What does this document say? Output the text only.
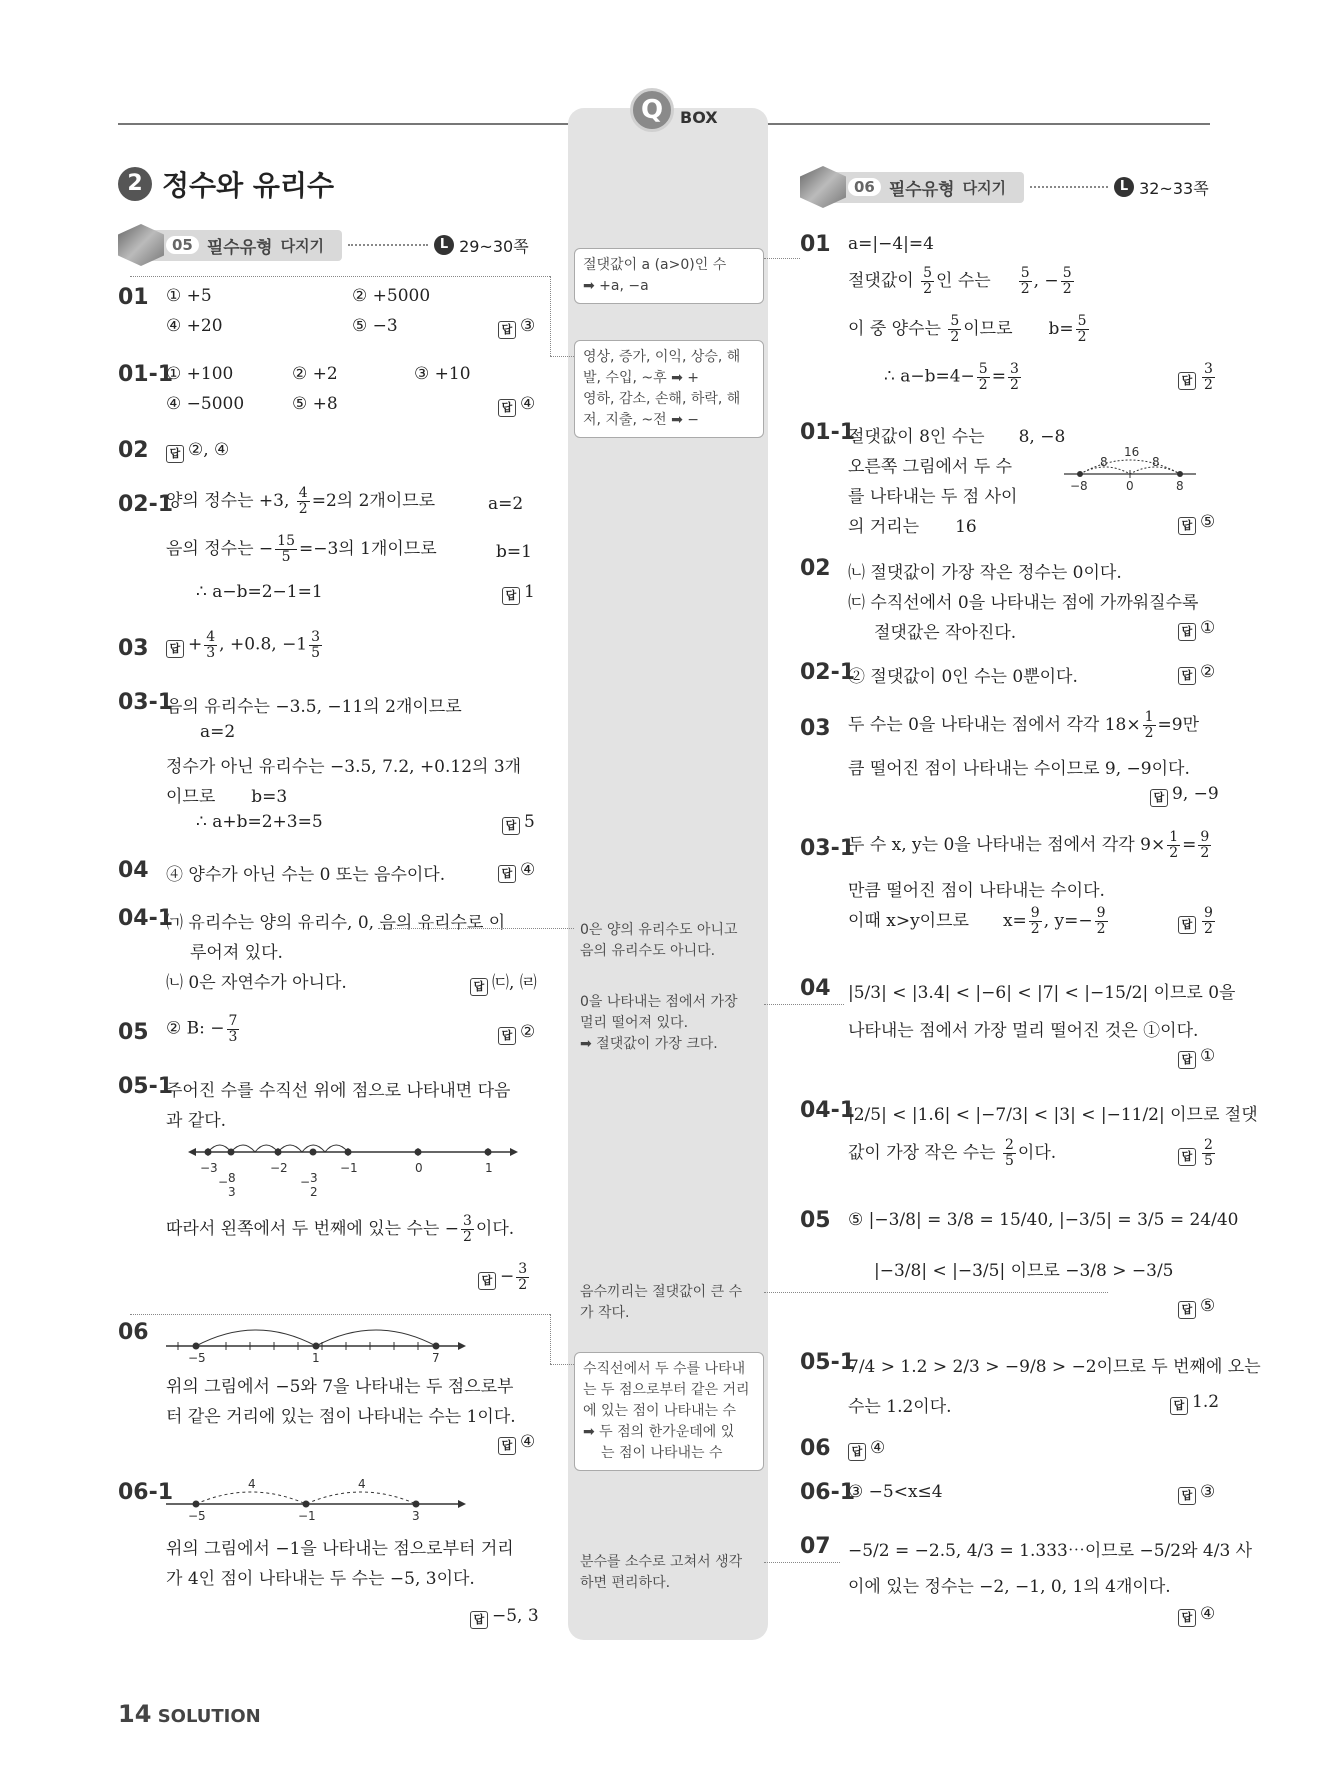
Q	BOX
2 정수와 유리수
05 필수유형 다지기	L 29~30쪽
06 필수유형 다지기	L 32~33쪽
01 ① +5	② +5000
④ +20	⑤ −3	답 ③
01-1
① +100	② +2	③ +10
④ −5000	⑤ +8	답 ④
02	답 ②, ④
02-1
양의 정수는 +3, $\frac{4}{2} =2$의 2개이므로	a=2
음의 정수는 − $\frac{15}{5} =-3$의 1개이므로	b=1
∴ a−b=2−1=1	답 1
03	답 + $\frac{4}{3}$ , +0.8, $-1 \frac{3}{5}$
03-1
음의 유리수는 −3.5, −11의 2개이므로
a=2
정수가 아닌 유리수는 −3.5, 7.2, +0.12의 3개
이므로 b=3
∴ a+b=2+3=5	답 5
04 ④ 양수가 아닌 수는 0 또는 음수이다.	답 ④
04-1
㈀ 유리수는 양의 유리수, 0, 음의 유리수로 이
루어져 있다.
㈁ 0은 자연수가 아니다.	답 ㈂, ㈃
05 ② B: − $\frac{7}{3}$	답 ②
05-1
주어진 수를 수직선 위에 점으로 나타내면 다음
과 같다.
−3	−2	−1	0	1
− 8
3
− 3
2
따라서 왼쪽에서 두 번째에 있는 수는 − $\frac{3}{2}$ 이다.
답 − $\frac{3}{2}$
06
−5	1	7
위의 그림에서 −5와 7을 나타내는 두 점으로부
터 같은 거리에 있는 점이 나타내는 수는 1이다.
답 ④
06-1	4	4
−5	−1	3
위의 그림에서 −1을 나타내는 점으로부터 거리
가 4인 점이 나타내는 두 수는 −5, 3이다.
답 −5, 3
절댓값이 a (a>0)인 수
➡ +a, −a
영상, 증가, 이익, 상승, 해
발, 수입, ~후 ➡ +
영하, 감소, 손해, 하락, 해
저, 지출, ~전 ➡ −
0은 양의 유리수도 아니고
음의 유리수도 아니다.
0을 나타내는 점에서 가장
멀리 떨어져 있다.
➡ 절댓값이 가장 크다.
음수끼리는 절댓값이 큰 수
가 작다.
수직선에서 두 수를 나타내
는 두 점으로부터 같은 거리
에 있는 점이 나타내는 수
➡ 두 점의 한가운데에 있
는 점이 나타내는 수
분수를 소수로 고쳐서 생각
하면 편리하다.
01 a=|−4|=4
절댓값이 $\frac{5}{2}$ 인 수는 $\frac{5}{2}$ , − $\frac{5}{2}$
이 중 양수는 $\frac{5}{2}$ 이므로 $b= \frac{5}{2}$
∴ $a-b=4- \frac{5}{2} = \frac{3}{2}$	답 $\frac{3}{2}$
01-1
절댓값이 8인 수는 8, −8
오른쪽 그림에서 두 수
를 나타내는 두 점 사이
의 거리는 16
16
8	8
−8	0	8
답 ⑤
02 ㈁ 절댓값이 가장 작은 정수는 0이다.
㈂ 수직선에서 0을 나타내는 점에 가까워질수록
절댓값은 작아진다.	답 ①
02-1
② 절댓값이 0인 수는 0뿐이다.	답 ②
03 두 수는 0을 나타내는 점에서 각각 $18\times \frac{1}{2} =9$만
큼 떨어진 점이 나타내는 수이므로 9, −9이다.
답 9, −9
03-1
두 수 x, y는 0을 나타내는 점에서 각각 $9\times \frac{1}{2} = \frac{9}{2}$
만큼 떨어진 점이 나타내는 수이다.
이때 x>y이므로 $x= \frac{9}{2}$ , $y=- \frac{9}{2}$	답 $\frac{9}{2}$
04 |5/3| < |3.4| < |−6| < |7| < |−15/2| 이므로 0을
나타내는 점에서 가장 멀리 떨어진 것은 ①이다.
답 ①
04-1
|2/5| < |1.6| < |−7/3| < |3| < |−11/2| 이므로 절댓
값이 가장 작은 수는 $\frac{2}{5}$ 이다.	답 $\frac{2}{5}$
05 ⑤ |−3/8| = 3/8 = 15/40, |−3/5| = 3/5 = 24/40
|−3/8| < |−3/5| 이므로 −3/8 > −3/5
답 ⑤
05-1
7/4 > 1.2 > 2/3 > −9/8 > −2이므로 두 번째에 오는
수는 1.2이다.	답 1.2
06	답 ④
06-1
③ −5<x≤4	답 ③
07 −5/2 = −2.5, 4/3 = 1.333⋯이므로 −5/2와 4/3 사
이에 있는 정수는 −2, −1, 0, 1의 4개이다.
답 ④
14 SOLUTION
